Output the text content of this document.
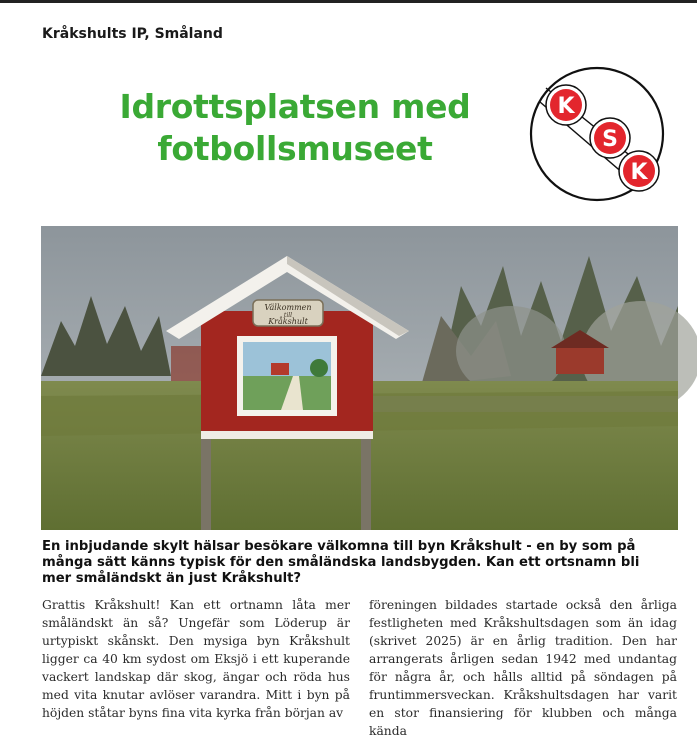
Kråkshults IP, Småland
Idrottsplatsen med fotbollsmuseet
K
S
K
Välkommen
till
Kråkshult

En inbjudande skylt hälsar besökare välkomna till byn Kråkshult - en by som på många sätt känns typisk för den småländska landsbygden. Kan ett ortsnamn bli mer småländskt än just Kråkshult?

Grattis Kråkshult! Kan ett ortnamn låta mer småländskt än så? Ungefär som Löderup är urtypiskt skånskt. Den mysiga byn Kråkshult ligger ca 40 km sydost om Eksjö i ett kuperande vackert landskap där skog, ängar och röda hus med vita knutar avlöser varandra. Mitt i byn på höjden ståtar byns fina vita kyrka från början av

föreningen bildades startade också den årliga festligheten med Kråkshultsdagen som än idag (skrivet 2025) är en årlig tradition. Den har arrangerats årligen sedan 1942 med undantag för några år, och hålls alltid på söndagen på fruntimmersveckan. Kråkshultsdagen har varit en stor finansiering för klubben och många kända
